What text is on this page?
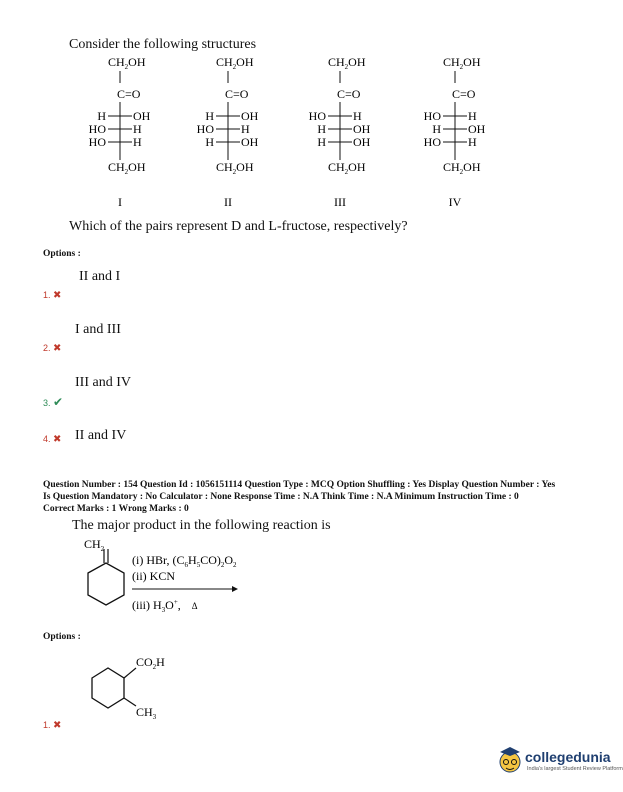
Consider the following structures
$CH_2OH$
C=O
H OH
HO H
HO H
$CH_2OH$
I
$CH_2OH$
C=O
H OH
HO H
H OH
$CH_2OH$
II
$CH_2OH$
C=O
HO H
H OH
H OH
$CH_2OH$
III
$CH_2OH$
C=O
HO H
H OH
HO H
$CH_2OH$
IV
Which of the pairs represent D and L-fructose, respectively?
Options :
II and I
1. ✖
I and III
2. ✖
III and IV
3. ✔
II and IV
4. ✖
Question Number : 154 Question Id : 1056151114 Question Type : MCQ Option Shuffling : Yes Display Question Number : Yes
Is Question Mandatory : No Calculator : None Response Time : N.A Think Time : N.A Minimum Instruction Time : 0
Correct Marks : 1 Wrong Marks : 0
The major product in the following reaction is
$CH_2$
(i) HBr, $(C_6H_5CO)_2O_2$
(ii) KCN
(iii) $H_3O^+$, Δ
Options :
$CO_2H$
$CH_3$
1. ✖
collegedunia
India's largest Student Review Platform
